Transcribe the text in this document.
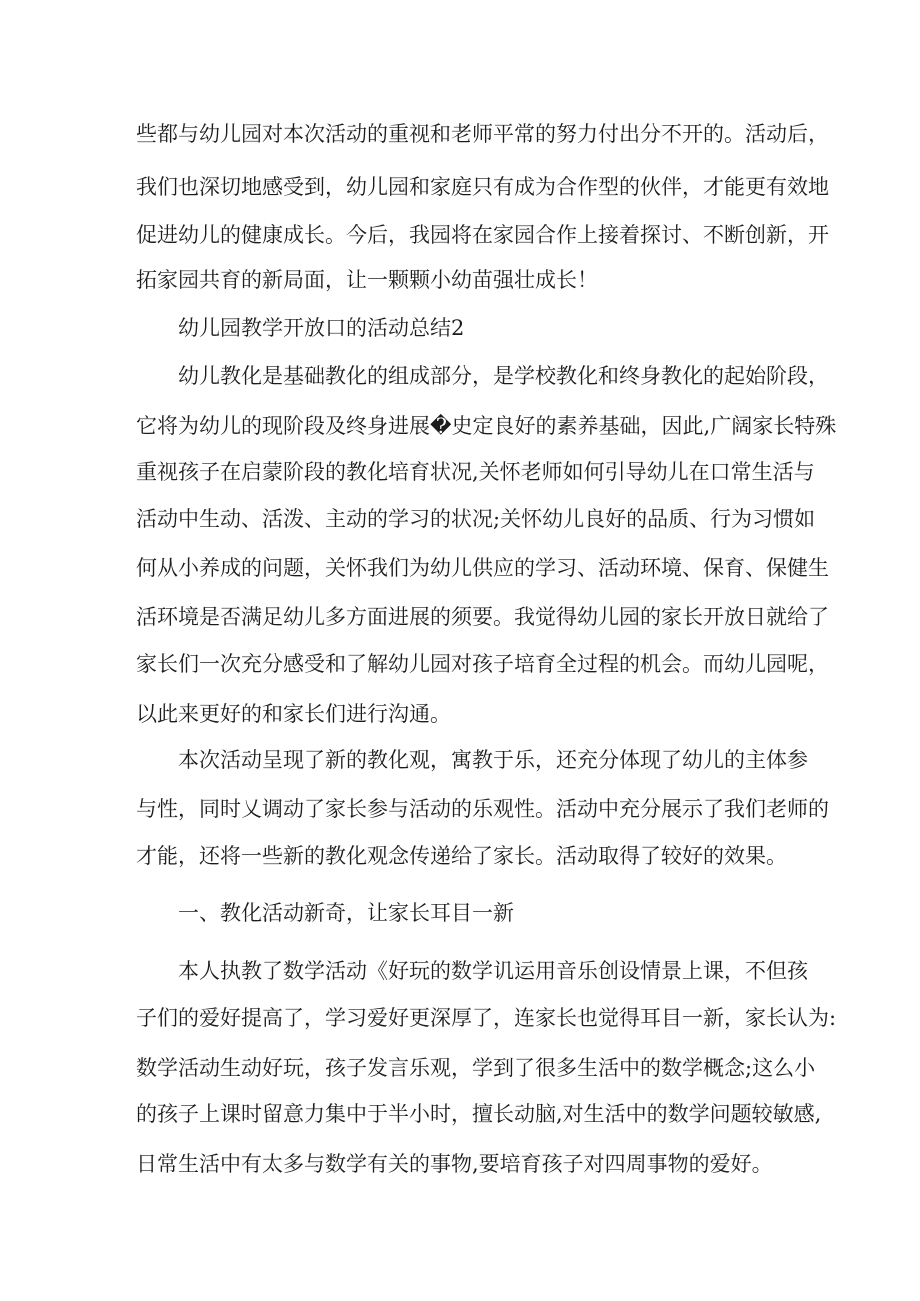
些都与幼儿园对本次活动的重视和老师平常的努力付出分不开的。活动后，
我们也深切地感受到，幼儿园和家庭只有成为合作型的伙伴，才能更有效地
促进幼儿的健康成长。今后，我园将在家园合作上接着探讨、不断创新，开
拓家园共育的新局面，让一颗颗小幼苗强壮成长！
幼儿园教学开放口的活动总结2
幼儿教化是基础教化的组成部分，是学校教化和终身教化的起始阶段，
它将为幼儿的现阶段及终身进展�史定良好的素养基础，因此,广阔家长特殊
重视孩子在启蒙阶段的教化培育状况,关怀老师如何引导幼儿在口常生活与
活动中生动、活泼、主动的学习的状况;关怀幼儿良好的品质、行为习惯如
何从小养成的问题，关怀我们为幼儿供应的学习、活动环境、保育、保健生
活环境是否满足幼儿多方面进展的须要。我觉得幼儿园的家长开放日就给了
家长们一次充分感受和了解幼儿园对孩子培育全过程的机会。而幼儿园呢，
以此来更好的和家长们进行沟通。
本次活动呈现了新的教化观，寓教于乐，还充分体现了幼儿的主体参
与性，同时乂调动了家长参与活动的乐观性。活动中充分展示了我们老师的
才能，还将一些新的教化观念传递给了家长。活动取得了较好的效果。
一、教化活动新奇，让家长耳目一新
本人执教了数学活动《好玩的数学讥运用音乐创设情景上课，不但孩
子们的爱好提高了，学习爱好更深厚了，连家长也觉得耳目一新，家长认为:
数学活动生动好玩，孩子发言乐观，学到了很多生活中的数学概念;这么小
的孩子上课时留意力集中于半小时，擅长动脑,对生活中的数学问题较敏感,
日常生活中有太多与数学有关的事物,要培育孩子对四周事物的爱好。
